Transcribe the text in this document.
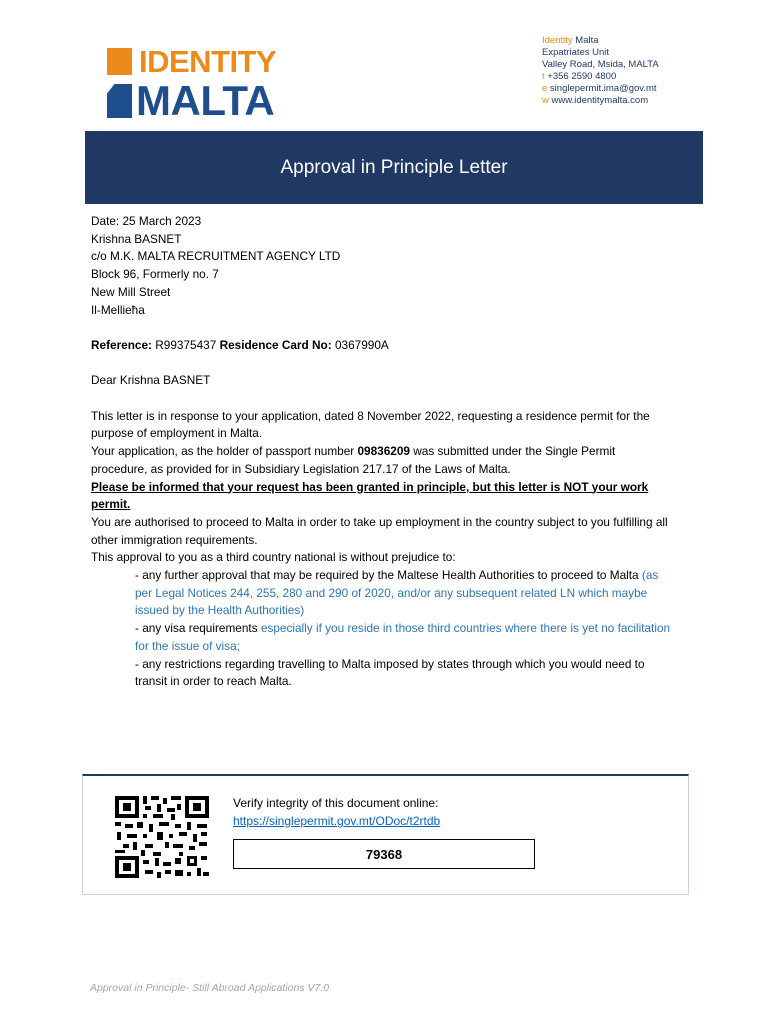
IDENTITY
MALTA
Identity Malta
Expatriates Unit
Valley Road, Msida, MALTA
t +356 2590 4800
e singlepermit.ima@gov.mt
w www.identitymalta.com
Approval in Principle Letter

Date: 25 March 2023

Krishna BASNET

c/o M.K. MALTA RECRUITMENT AGENCY LTD

Block 96, Formerly no. 7

New Mill Street

Il-Mellieħa

Reference: R99375437 Residence Card No: 0367990A

Dear Krishna BASNET

This letter is in response to your application, dated 8 November 2022, requesting a residence permit for the purpose of employment in Malta.

Your application, as the holder of passport number 09836209 was submitted under the Single Permit procedure, as provided for in Subsidiary Legislation 217.17 of the Laws of Malta.

Please be informed that your request has been granted in principle, but this letter is NOT your work permit.

You are authorised to proceed to Malta in order to take up employment in the country subject to you fulfilling all other immigration requirements.

This approval to you as a third country national is without prejudice to:

- any further approval that may be required by the Maltese Health Authorities to proceed to Malta (as per Legal Notices 244, 255, 280 and 290 of 2020, and/or any subsequent related LN which maybe issued by the Health Authorities)

- any visa requirements especially if you reside in those third countries where there is yet no facilitation for the issue of visa;

- any restrictions regarding travelling to Malta imposed by states through which you would need to transit in order to reach Malta.

Verify integrity of this document online:
https://singlepermit.gov.mt/ODoc/t2rtdb
79368
Approval in Principle- Still Abroad Applications V7.0
